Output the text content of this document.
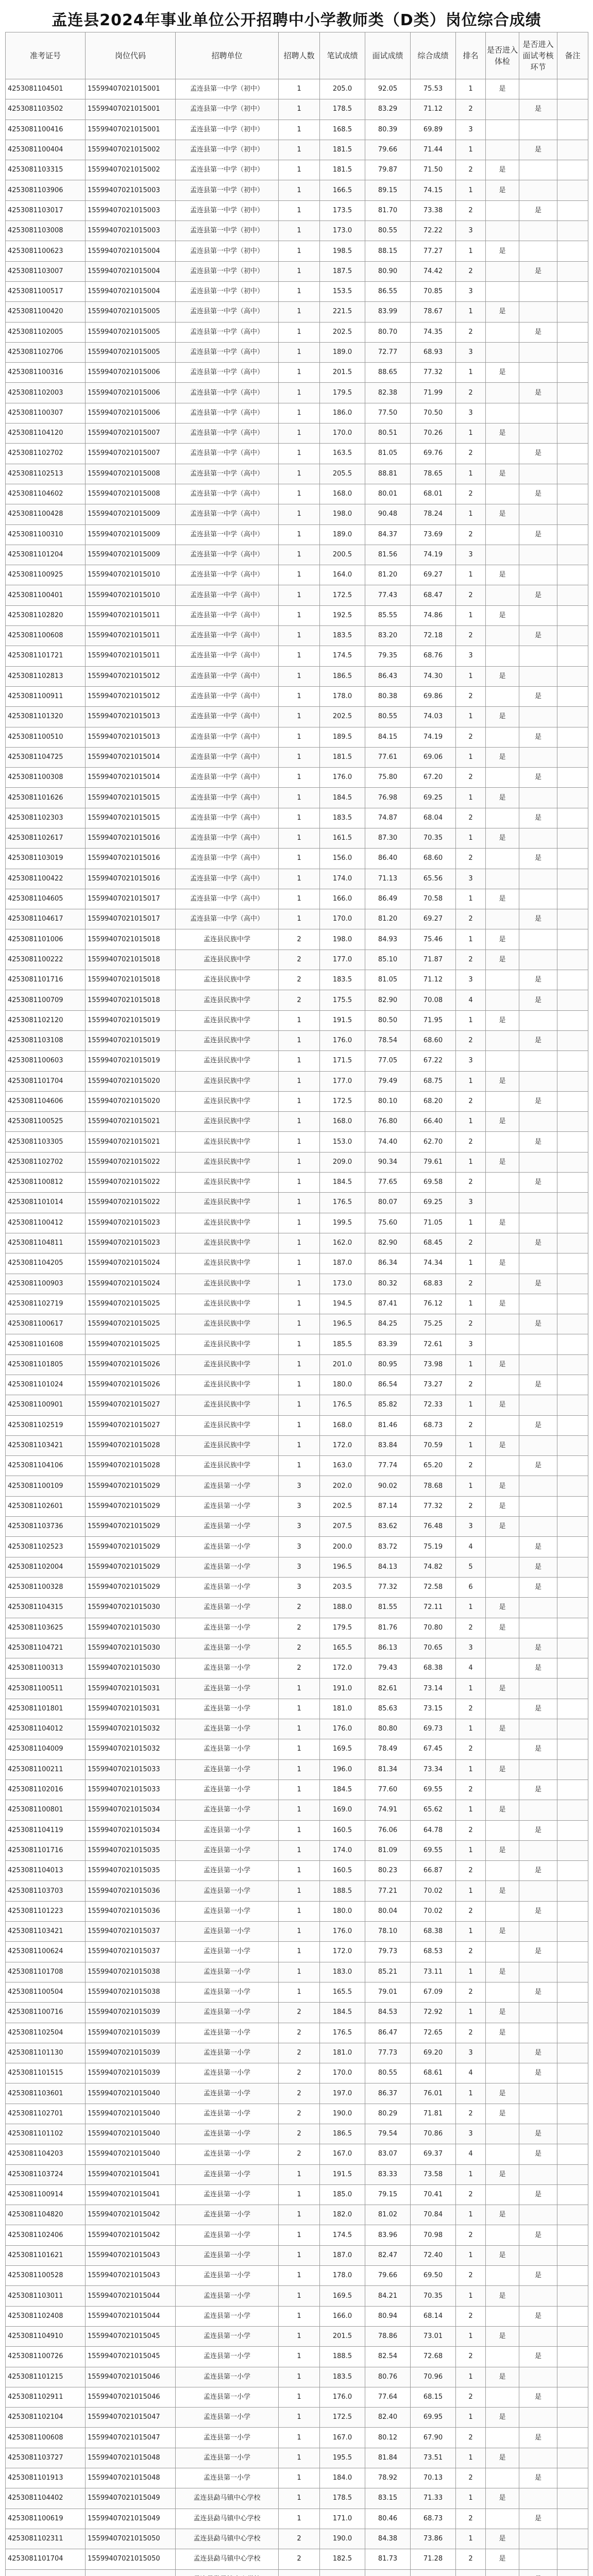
孟连县2024年事业单位公开招聘中小学教师类（D类）岗位综合成绩
准考证号	岗位代码	招聘单位	招聘人数	笔试成绩	面试成绩	综合成绩	排名	是否进入体检	是否进入面试考核环节	备注
4253081104501	15599407021015001	孟连县第一中学（初中）	1	205.0	92.05	75.53	1	是		
4253081103502	15599407021015001	孟连县第一中学（初中）	1	178.5	83.29	71.12	2		是	
4253081100416	15599407021015001	孟连县第一中学（初中）	1	168.5	80.39	69.89	3			
4253081100404	15599407021015002	孟连县第一中学（初中）	1	181.5	79.66	71.44	1		是	
4253081103315	15599407021015002	孟连县第一中学（初中）	1	181.5	79.87	71.50	2	是		
4253081103906	15599407021015003	孟连县第一中学（初中）	1	166.5	89.15	74.15	1	是		
4253081103017	15599407021015003	孟连县第一中学（初中）	1	173.5	81.70	73.38	2		是	
4253081103008	15599407021015003	孟连县第一中学（初中）	1	173.0	80.55	72.22	3			
4253081100623	15599407021015004	孟连县第一中学（初中）	1	198.5	88.15	77.27	1	是		
4253081103007	15599407021015004	孟连县第一中学（初中）	1	187.5	80.90	74.42	2		是	
4253081100517	15599407021015004	孟连县第一中学（初中）	1	153.5	86.55	70.85	3			
4253081100420	15599407021015005	孟连县第一中学（高中）	1	221.5	83.99	78.67	1	是		
4253081102005	15599407021015005	孟连县第一中学（高中）	1	202.5	80.70	74.35	2		是	
4253081102706	15599407021015005	孟连县第一中学（高中）	1	189.0	72.77	68.93	3			
4253081100316	15599407021015006	孟连县第一中学（高中）	1	201.5	88.65	77.32	1	是		
4253081102003	15599407021015006	孟连县第一中学（高中）	1	179.5	82.38	71.99	2		是	
4253081100307	15599407021015006	孟连县第一中学（高中）	1	186.0	77.50	70.50	3			
4253081104120	15599407021015007	孟连县第一中学（高中）	1	170.0	80.51	70.26	1	是		
4253081102702	15599407021015007	孟连县第一中学（高中）	1	163.5	81.05	69.76	2		是	
4253081102513	15599407021015008	孟连县第一中学（高中）	1	205.5	88.81	78.65	1	是		
4253081104602	15599407021015008	孟连县第一中学（高中）	1	168.0	80.01	68.01	2		是	
4253081100428	15599407021015009	孟连县第一中学（高中）	1	198.0	90.48	78.24	1	是		
4253081100310	15599407021015009	孟连县第一中学（高中）	1	189.0	84.37	73.69	2		是	
4253081101204	15599407021015009	孟连县第一中学（高中）	1	200.5	81.56	74.19	3			
4253081100925	15599407021015010	孟连县第一中学（高中）	1	164.0	81.20	69.27	1	是		
4253081100401	15599407021015010	孟连县第一中学（高中）	1	172.5	77.43	68.47	2		是	
4253081102820	15599407021015011	孟连县第一中学（高中）	1	192.5	85.55	74.86	1	是		
4253081100608	15599407021015011	孟连县第一中学（高中）	1	183.5	83.20	72.18	2		是	
4253081101721	15599407021015011	孟连县第一中学（高中）	1	174.5	79.35	68.76	3			
4253081102813	15599407021015012	孟连县第一中学（高中）	1	186.5	86.43	74.30	1	是		
4253081100911	15599407021015012	孟连县第一中学（高中）	1	178.0	80.38	69.86	2		是	
4253081101320	15599407021015013	孟连县第一中学（高中）	1	202.5	80.55	74.03	1	是		
4253081100510	15599407021015013	孟连县第一中学（高中）	1	189.5	84.15	74.19	2		是	
4253081104725	15599407021015014	孟连县第一中学（高中）	1	181.5	77.61	69.06	1	是		
4253081100308	15599407021015014	孟连县第一中学（高中）	1	176.0	75.80	67.20	2		是	
4253081101626	15599407021015015	孟连县第一中学（高中）	1	184.5	76.98	69.25	1	是		
4253081102303	15599407021015015	孟连县第一中学（高中）	1	183.5	74.87	68.04	2		是	
4253081102617	15599407021015016	孟连县第一中学（高中）	1	161.5	87.30	70.35	1	是		
4253081103019	15599407021015016	孟连县第一中学（高中）	1	156.0	86.40	68.60	2		是	
4253081100422	15599407021015016	孟连县第一中学（高中）	1	174.0	71.13	65.56	3			
4253081104605	15599407021015017	孟连县第一中学（高中）	1	166.0	86.49	70.58	1	是		
4253081104617	15599407021015017	孟连县第一中学（高中）	1	170.0	81.20	69.27	2		是	
4253081101006	15599407021015018	孟连县民族中学	2	198.0	84.93	75.46	1	是		
4253081100222	15599407021015018	孟连县民族中学	2	177.0	85.10	71.87	2	是		
4253081101716	15599407021015018	孟连县民族中学	2	183.5	81.05	71.12	3		是	
4253081100709	15599407021015018	孟连县民族中学	2	175.5	82.90	70.08	4		是	
4253081102120	15599407021015019	孟连县民族中学	1	191.5	80.50	71.95	1	是		
4253081103108	15599407021015019	孟连县民族中学	1	176.0	78.54	68.60	2		是	
4253081100603	15599407021015019	孟连县民族中学	1	171.5	77.05	67.22	3			
4253081101704	15599407021015020	孟连县民族中学	1	177.0	79.49	68.75	1	是		
4253081104606	15599407021015020	孟连县民族中学	1	172.5	80.10	68.20	2		是	
4253081100525	15599407021015021	孟连县民族中学	1	168.0	76.80	66.40	1	是		
4253081103305	15599407021015021	孟连县民族中学	1	153.0	74.40	62.70	2		是	
4253081102702	15599407021015022	孟连县民族中学	1	209.0	90.34	79.61	1	是		
4253081100812	15599407021015022	孟连县民族中学	1	184.5	77.65	69.58	2		是	
4253081101014	15599407021015022	孟连县民族中学	1	176.5	80.07	69.25	3			
4253081100412	15599407021015023	孟连县民族中学	1	199.5	75.60	71.05	1	是		
4253081104811	15599407021015023	孟连县民族中学	1	162.0	82.90	68.45	2		是	
4253081104205	15599407021015024	孟连县民族中学	1	187.0	86.34	74.34	1	是		
4253081100903	15599407021015024	孟连县民族中学	1	173.0	80.32	68.83	2		是	
4253081102719	15599407021015025	孟连县民族中学	1	194.5	87.41	76.12	1	是		
4253081100617	15599407021015025	孟连县民族中学	1	196.5	84.25	75.25	2		是	
4253081101608	15599407021015025	孟连县民族中学	1	185.5	83.39	72.61	3			
4253081101805	15599407021015026	孟连县民族中学	1	201.0	80.95	73.98	1	是		
4253081101024	15599407021015026	孟连县民族中学	1	180.0	86.54	73.27	2		是	
4253081100901	15599407021015027	孟连县民族中学	1	176.5	85.82	72.33	1	是		
4253081102519	15599407021015027	孟连县民族中学	1	168.0	81.46	68.73	2		是	
4253081103421	15599407021015028	孟连县民族中学	1	172.0	83.84	70.59	1	是		
4253081104106	15599407021015028	孟连县民族中学	1	163.0	77.74	65.20	2		是	
4253081100109	15599407021015029	孟连县第一小学	3	202.0	90.02	78.68	1	是		
4253081102601	15599407021015029	孟连县第一小学	3	202.5	87.14	77.32	2	是		
4253081103736	15599407021015029	孟连县第一小学	3	207.5	83.62	76.48	3	是		
4253081102523	15599407021015029	孟连县第一小学	3	200.0	83.72	75.19	4		是	
4253081102004	15599407021015029	孟连县第一小学	3	196.5	84.13	74.82	5		是	
4253081100328	15599407021015029	孟连县第一小学	3	203.5	77.32	72.58	6		是	
4253081104315	15599407021015030	孟连县第一小学	2	188.0	81.55	72.11	1	是		
4253081103625	15599407021015030	孟连县第一小学	2	179.5	81.76	70.80	2	是		
4253081104721	15599407021015030	孟连县第一小学	2	165.5	86.13	70.65	3		是	
4253081100313	15599407021015030	孟连县第一小学	2	172.0	79.43	68.38	4		是	
4253081100511	15599407021015031	孟连县第一小学	1	191.0	82.61	73.14	1	是		
4253081101801	15599407021015031	孟连县第一小学	1	181.0	85.63	73.15	2		是	
4253081104012	15599407021015032	孟连县第一小学	1	176.0	80.80	69.73	1	是		
4253081104009	15599407021015032	孟连县第一小学	1	169.5	78.49	67.45	2		是	
4253081100211	15599407021015033	孟连县第一小学	1	196.0	81.34	73.34	1	是		
4253081102016	15599407021015033	孟连县第一小学	1	184.5	77.60	69.55	2		是	
4253081100801	15599407021015034	孟连县第一小学	1	169.0	74.91	65.62	1	是		
4253081104119	15599407021015034	孟连县第一小学	1	160.5	76.06	64.78	2		是	
4253081101716	15599407021015035	孟连县第一小学	1	174.0	81.09	69.55	1	是		
4253081104013	15599407021015035	孟连县第一小学	1	160.5	80.23	66.87	2		是	
4253081103703	15599407021015036	孟连县第一小学	1	188.5	77.21	70.02	1	是		
4253081101223	15599407021015036	孟连县第一小学	1	180.0	80.04	70.02	2		是	
4253081103421	15599407021015037	孟连县第一小学	1	176.0	78.10	68.38	1	是		
4253081100624	15599407021015037	孟连县第一小学	1	172.0	79.73	68.53	2		是	
4253081101708	15599407021015038	孟连县第一小学	1	183.0	85.21	73.11	1	是		
4253081100504	15599407021015038	孟连县第一小学	1	165.5	79.01	67.09	2		是	
4253081100716	15599407021015039	孟连县第一小学	2	184.5	84.53	72.92	1	是		
4253081102504	15599407021015039	孟连县第一小学	2	176.5	86.47	72.65	2	是		
4253081101130	15599407021015039	孟连县第一小学	2	181.0	77.73	69.20	3		是	
4253081101515	15599407021015039	孟连县第一小学	2	170.0	80.55	68.61	4		是	
4253081103601	15599407021015040	孟连县第一小学	2	197.0	86.37	76.01	1	是		
4253081102701	15599407021015040	孟连县第一小学	2	190.0	80.29	71.81	2	是		
4253081101102	15599407021015040	孟连县第一小学	2	186.5	79.54	70.86	3		是	
4253081104203	15599407021015040	孟连县第一小学	2	167.0	83.07	69.37	4		是	
4253081103724	15599407021015041	孟连县第一小学	1	191.5	83.33	73.58	1	是		
4253081100914	15599407021015041	孟连县第一小学	1	185.0	79.15	70.41	2		是	
4253081104820	15599407021015042	孟连县第一小学	1	182.0	81.02	70.84	1	是		
4253081102406	15599407021015042	孟连县第一小学	1	174.5	83.96	70.98	2		是	
4253081101621	15599407021015043	孟连县第一小学	1	187.0	82.47	72.40	1	是		
4253081100528	15599407021015043	孟连县第一小学	1	178.0	79.66	69.50	2		是	
4253081103011	15599407021015044	孟连县第一小学	1	169.5	84.21	70.35	1	是		
4253081102408	15599407021015044	孟连县第一小学	1	166.0	80.94	68.14	2		是	
4253081104910	15599407021015045	孟连县第一小学	1	201.5	78.86	73.01	1	是		
4253081100726	15599407021015045	孟连县第一小学	1	188.5	82.54	72.68	2		是	
4253081101215	15599407021015046	孟连县第一小学	1	183.5	80.76	70.96	1	是		
4253081102911	15599407021015046	孟连县第一小学	1	176.0	77.64	68.15	2		是	
4253081102104	15599407021015047	孟连县第一小学	1	172.5	82.40	69.95	1	是		
4253081100608	15599407021015047	孟连县第一小学	1	167.0	80.12	67.90	2		是	
4253081103727	15599407021015048	孟连县第一小学	1	195.5	81.84	73.51	1	是		
4253081101913	15599407021015048	孟连县第一小学	1	184.0	78.92	70.13	2		是	
4253081104402	15599407021015049	孟连县勐马镇中心学校	1	178.5	83.15	71.33	1	是		
4253081100619	15599407021015049	孟连县勐马镇中心学校	1	171.0	80.46	68.73	2		是	
4253081102311	15599407021015050	孟连县勐马镇中心学校	2	190.0	84.38	73.86	1	是		
4253081101704	15599407021015050	孟连县勐马镇中心学校	2	182.5	81.73	71.28	2	是		
